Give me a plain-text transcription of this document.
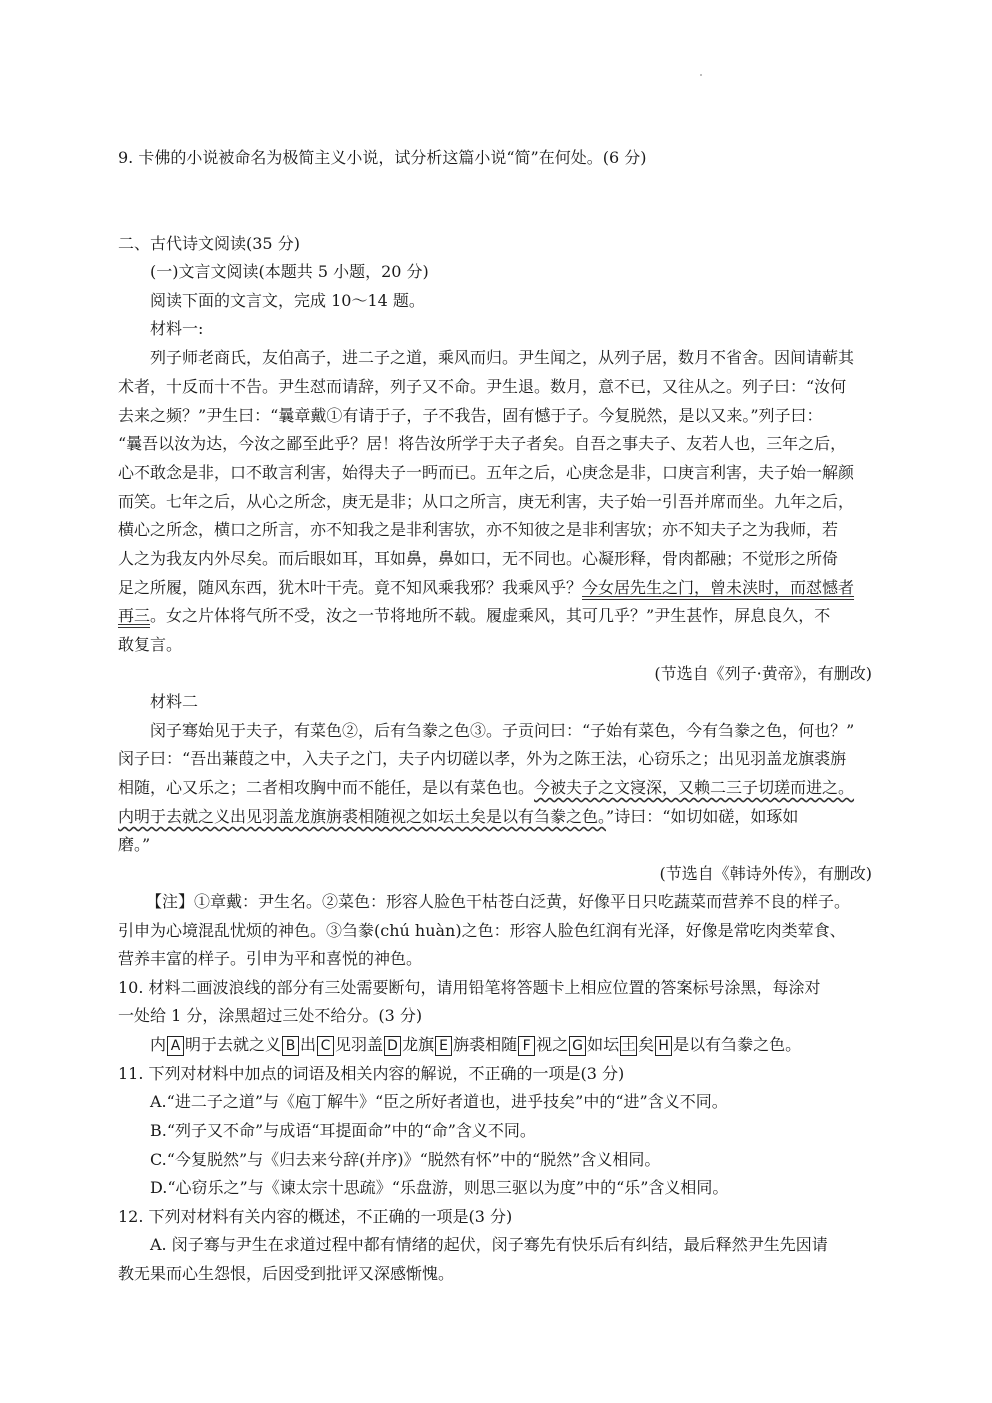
9. 卡佛的小说被命名为极简主义小说，试分析这篇小说“简”在何处。(6 分)
二、古代诗文阅读(35 分)
(一)文言文阅读(本题共 5 小题，20 分)
阅读下面的文言文，完成 10～14 题。
材料一:
列子师老商氏，友伯高子，进二子之道，乘风而归。尹生闻之，从列子居，数月不省舍。因间请蕲其
术者，十反而十不告。尹生怼而请辞，列子又不命。尹生退。数月，意不已，又往从之。列子曰：“汝何
去来之频？”尹生曰：“曩章戴①有请于子，子不我告，固有憾于子。今复脱然，是以又来。”列子曰：
“曩吾以汝为达，今汝之鄙至此乎？居！将告汝所学于夫子者矣。自吾之事夫子、友若人也，三年之后，
心不敢念是非，口不敢言利害，始得夫子一眄而已。五年之后，心庚念是非，口庚言利害，夫子始一解颜
而笑。七年之后，从心之所念，庚无是非；从口之所言，庚无利害，夫子始一引吾并席而坐。九年之后，
横心之所念，横口之所言，亦不知我之是非利害欤，亦不知彼之是非利害欤；亦不知夫子之为我师，若
人之为我友内外尽矣。而后眼如耳，耳如鼻，鼻如口，无不同也。心凝形释，骨肉都融；不觉形之所倚
足之所履，随风东西，犹木叶干壳。竟不知风乘我邪？我乘风乎？今女居先生之门，曾未浃时，而怼憾者
再三。女之片体将气所不受，汝之一节将地所不载。履虚乘风，其可几乎？”尹生甚怍，屏息良久，不
敢复言。
(节选自《列子·黄帝》，有删改)
材料二
闵子骞始见于夫子，有菜色②，后有刍豢之色③。子贡问曰：“子始有菜色，今有刍豢之色，何也？”
闵子曰：“吾出蒹葭之中，入夫子之门，夫子内切磋以孝，外为之陈王法，心窃乐之；出见羽盖龙旗裘旃
相随，心又乐之；二者相攻胸中而不能任，是以有菜色也。今被夫子之文寖深，又赖二三子切瑳而进之。
内明于去就之义出见羽盖龙旗旃裘相随视之如坛土矣是以有刍豢之色。”诗曰：“如切如磋，如琢如
磨。”
(节选自《韩诗外传》，有删改)
【注】①章戴：尹生名。②菜色：形容人脸色干枯苍白泛黄，好像平日只吃蔬菜而营养不良的样子。
引申为心境混乱忧烦的神色。③刍豢(chú huàn)之色：形容人脸色红润有光泽，好像是常吃肉类荤食、
营养丰富的样子。引申为平和喜悦的神色。
10. 材料二画波浪线的部分有三处需要断句，请用铅笔将答题卡上相应位置的答案标号涂黑，每涂对
一处给 1 分，涂黑超过三处不给分。(3 分)
内 A 明于去就之义 B 出 C 见羽盖 D 龙旗 E 旃裘相随 F 视之 G 如坛 土 矣 H 是以有刍豢之色。
11. 下列对材料中加点的词语及相关内容的解说，不正确的一项是(3 分)
A.“进二子之道”与《庖丁解牛》“臣之所好者道也，进乎技矣”中的“进”含义不同。
B.“列子又不命”与成语“耳提面命”中的“命”含义不同。
C.“今复脱然”与《归去来兮辞(并序)》“脱然有怀”中的“脱然”含义相同。
D.“心窃乐之”与《谏太宗十思疏》“乐盘游，则思三驱以为度”中的“乐”含义相同。
12. 下列对材料有关内容的概述，不正确的一项是(3 分)
A. 闵子骞与尹生在求道过程中都有情绪的起伏，闵子骞先有快乐后有纠结，最后释然尹生先因请
教无果而心生怨恨，后因受到批评又深感惭愧。
